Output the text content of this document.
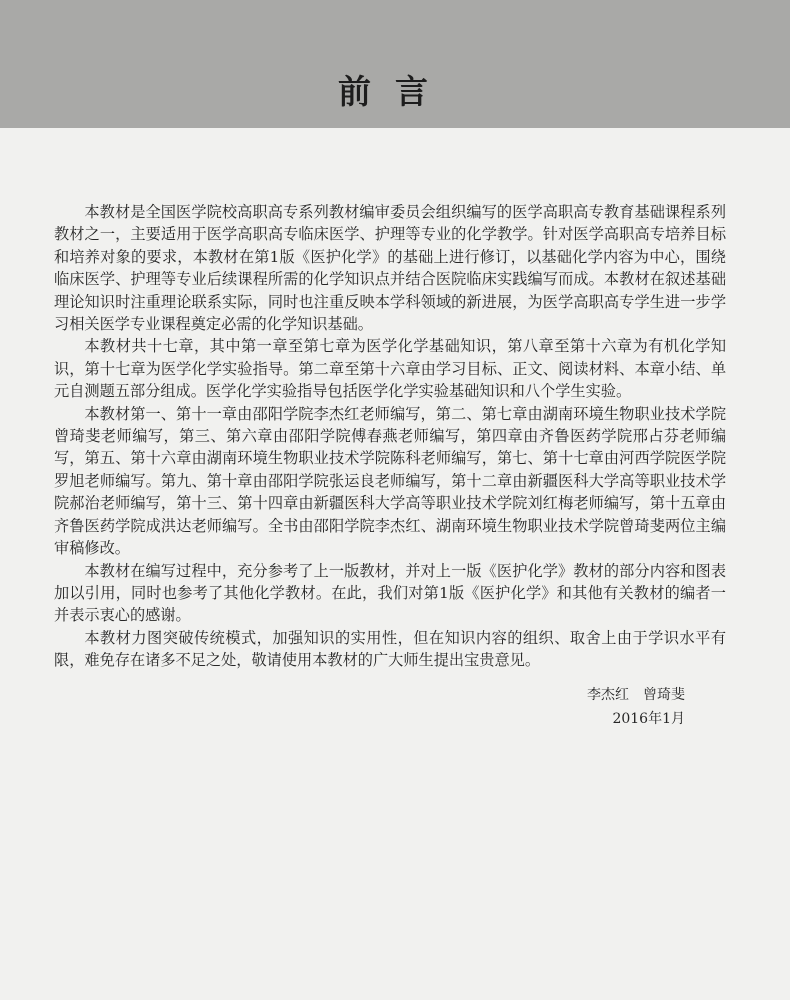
前言

本教材是全国医学院校高职高专系列教材编审委员会组织编写的医学高职高专教育基础课程系列教材之一，主要适用于医学高职高专临床医学、护理等专业的化学教学。针对医学高职高专培养目标和培养对象的要求，本教材在第1版《医护化学》的基础上进行修订，以基础化学内容为中心，围绕临床医学、护理等专业后续课程所需的化学知识点并结合医院临床实践编写而成。本教材在叙述基础理论知识时注重理论联系实际，同时也注重反映本学科领域的新进展，为医学高职高专学生进一步学习相关医学专业课程奠定必需的化学知识基础。

本教材共十七章，其中第一章至第七章为医学化学基础知识，第八章至第十六章为有机化学知识，第十七章为医学化学实验指导。第二章至第十六章由学习目标、正文、阅读材料、本章小结、单元自测题五部分组成。医学化学实验指导包括医学化学实验基础知识和八个学生实验。

本教材第一、第十一章由邵阳学院李杰红老师编写，第二、第七章由湖南环境生物职业技术学院曾琦斐老师编写，第三、第六章由邵阳学院傅春燕老师编写，第四章由齐鲁医药学院邢占芬老师编写，第五、第十六章由湖南环境生物职业技术学院陈科老师编写，第七、第十七章由河西学院医学院罗旭老师编写。第九、第十章由邵阳学院张运良老师编写，第十二章由新疆医科大学高等职业技术学院郝治老师编写，第十三、第十四章由新疆医科大学高等职业技术学院刘红梅老师编写，第十五章由齐鲁医药学院成洪达老师编写。全书由邵阳学院李杰红、湖南环境生物职业技术学院曾琦斐两位主编审稿修改。

本教材在编写过程中，充分参考了上一版教材，并对上一版《医护化学》教材的部分内容和图表加以引用，同时也参考了其他化学教材。在此，我们对第1版《医护化学》和其他有关教材的编者一并表示衷心的感谢。

本教材力图突破传统模式，加强知识的实用性，但在知识内容的组织、取舍上由于学识水平有限，难免存在诸多不足之处，敬请使用本教材的广大师生提出宝贵意见。

李杰红　曾琦斐
2016年1月
